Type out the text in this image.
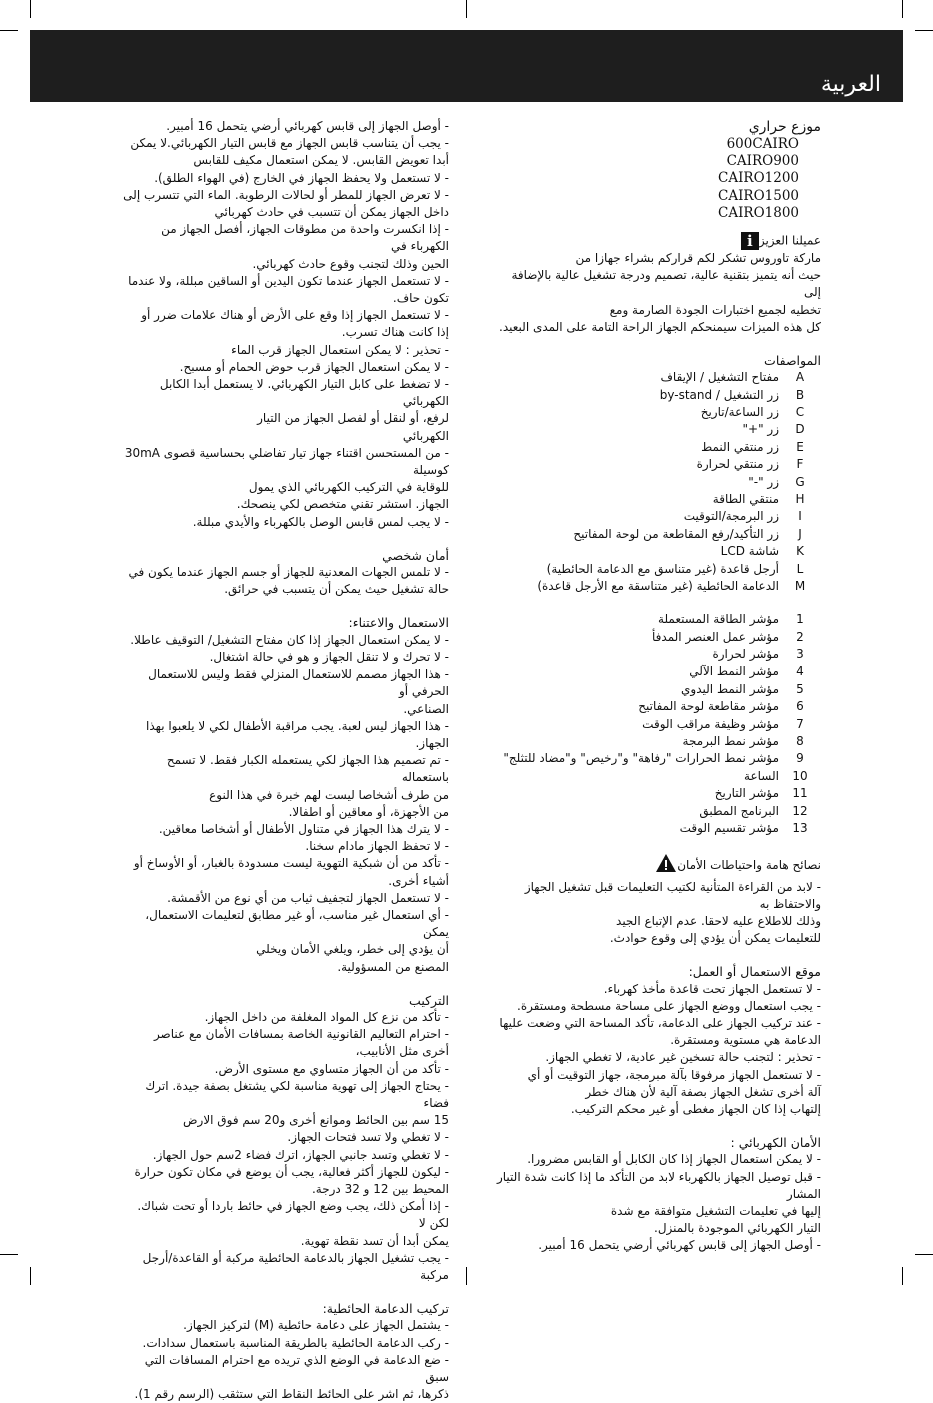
العربية
موزع حراري
600CAIRO
CAIRO900
CAIRO1200
CAIRO1500
CAIRO1800
عميلنا العزيزi
ماركة تاوروس تشكر لكم قراركم بشراء جهازا من
حيث أنه يتميز بتقنية عالية، تصميم ودرجة تشغيل عالية بالإضافة إلى
تخطيه لجميع اختبارات الجودة الصارمة ومع
كل هذه الميزات سيمنحكم الجهاز الراحة التامة على المدى البعيد.
المواصفات
A
مفتاح التشغيل / الإيقاف
B
زر التشغيل / by-stand
C
زر الساعة/تاريخ
D
زر "+"
E
زر منتقي النمط
F
زر منتقي لحرارة
G
زر "-"
H
منتقي الطاقة
I
زر البرمجة/التوقيت
J
زر التأكيد/رفع المقاطعة من لوحة المفاتيح
K
شاشة LCD
L
أرجل قاعدة (غير متناسق مع الدعامة الحائطية)
M
الدعامة الحائطية (غير متناسقة مع الأرجل قاعدة)
1
مؤشر الطاقة المستعملة
2
مؤشر عمل العنصر المدفأ
3
مؤشر لحرارة
4
مؤشر النمط الآلي
5
مؤشر النمط اليدوي
6
مؤشر مقاطعة لوحة المفاتيح
7
مؤشر وظيفة مراقب الوقت
8
مؤشر نمط البرمجة
9
مؤشر نمط الحرارات "رفاهة" و"رخيص" و"مضاد للتثلج"
10
الساعة
11
مؤشر التاريخ
12
البرنامج المطبق
13
مؤشر تقسيم الوقت
نصائح هامة واحتياطات الأمان
- لابد من القراءة المتأنية لكتيب التعليمات قبل تشغيل الجهاز والاحتفاظ به
وذلك للاطلاع عليه لاحقا. عدم الإتباع الجيد
للتعليمات يمكن أن يؤدي إلى وقوع حوادث.
موقع الاستعمال أو العمل:
- لا تستعمل الجهاز تحت قاعدة مأخذ كهرباء.
- يجب استعمال ووضع الجهاز على مساحة مسطحة ومستقرة.
- عند تركيب الجهاز على الدعامة، تأكد المساحة التي وضعت عليها
الدعامة هي مستوية ومستقرة.
- تحذير : لتجنب حالة تسخين غير عادية، لا تغطي الجهاز.
- لا تستعمل الجهاز مرفوقا بآلة مبرمجة، جهاز التوقيت أو أي
آلة أخرى تشغل الجهاز بصفة آلية لأن هناك خطر
إلتهاب إذا كان الجهاز مغطى أو غير محكم التركيب.
الأمان الكهربائي :
- لا يمكن استعمال الجهاز إذا كان الكابل أو القابس مضرورا.
- قبل توصيل الجهاز بالكهرباء لابد من التأكد ما إذا كانت شدة التيار المشار
إليها في تعليمات التشغيل متوافقة مع شدة
التيار الكهربائي الموجودة بالمنزل.
- أوصل الجهاز إلى قابس كهربائي أرضي يتحمل 16 أمبير.
- أوصل الجهاز إلى قابس كهربائي أرضي يتحمل 16 أمبير.
- يجب أن يتناسب قابس الجهاز مع قابس التيار الكهربائي.لا يمكن
أبدا تعويض القابس. لا يمكن استعمال مكيف للقابس
- لا تستعمل ولا يحفظ الجهاز في الخارج (في الهواء الطلق).
- لا تعرض الجهاز للمطر أو لحالات الرطوبة. الماء التي تتسرب إلى
داخل الجهاز يمكن أن تتسبب في حادث كهربائي
- إذا انكسرت واحدة من مطوقات الجهاز، أفصل الجهاز من الكهرباء في
الحين وذلك لتجنب وقوع حادث كهربائي.
- لا تستعمل الجهاز عندما تكون اليدين أو الساقين مبللة، ولا عندما تكون حاف.
- لا تستعمل الجهاز إذا وقع على الأرض أو هناك علامات ضرر أو
إذا كانت هناك تسرب.
- تحذير : لا يمكن استعمال الجهاز قرب الماء
- لا يمكن استعمال الجهاز قرب حوض الحمام أو مسبح.
- لا تضغط على كابل التيار الكهربائي. لا يستعمل أبدا الكابل الكهربائي
لرفع، أو لنقل أو لفصل الجهاز من التيار
الكهربائي
- من المستحسن اقتناء جهاز تيار تفاضلي بحساسية قصوى 30mA كوسيلة
للوقاية في التركيب الكهربائي الذي يمول
الجهاز. استشر تقني متخصص لكي ينصحك.
- لا يجب لمس قابس الوصل بالكهرباء والأيدي مبللة.
أمان شخصي
- لا تلمس الجهات المعدنية للجهاز أو جسم الجهاز عندما يكون في
حالة تشغيل حيث يمكن أن يتسبب في حرائق.
الاستعمال والاعتناء:
- لا يمكن استعمال الجهاز إذا كان مفتاح التشغيل/ التوقيف عاطلا.
- لا تحرك و لا تنقل الجهاز و هو في حالة اشتغال.
- هذا الجهاز مصمم للاستعمال المنزلي فقط وليس للاستعمال الحرفي أو
الصناعي.
- هذا الجهاز ليس لعبة. يجب مراقبة الأطفال لكي لا يلعبوا بهذا الجهاز.
- تم تصميم هذا الجهاز لكي يستعمله الكبار فقط. لا تسمح باستعماله
من طرف أشخاصا ليست لهم خبرة في هذا النوع
من الأجهزة، أو معاقين أو اطفالا.
- لا يترك هذا الجهاز في متناول الأطفال أو أشخاصا معاقين.
- لا تحفظ الجهاز مادام سخنا.
- تأكد من أن شبكية التهوية ليست مسدودة بالغبار، أو الأوساخ أو
أشياء أخرى.
- لا تستعمل الجهاز لتجفيف ثياب من أي نوع من الأقمشة.
- أي استعمال غير مناسب، أو غير مطابق لتعليمات الاستعمال، يمكن
أن يؤدي إلى خطر، ويلغي الأمان ويخلي
المصنع من المسؤولية.
التركيب
- تأكد من نزع كل المواد المغلفة من داخل الجهاز.
- احترام التعاليم القانونية الخاصة بمسافات الأمان مع عناصر
أخرى مثل الأنابيب،
- تأكد من أن الجهاز متساوي مع مستوى الأرض.
- يحتاج الجهاز إلى تهوية مناسبة لكي يشتغل بصفة جيدة. اترك فضاء
15 سم بين الحائط وموانع أخرى و20 سم فوق الارض
- لا تغطي ولا تسد فتحات الجهاز.
- لا تغطي وتسد جانبي الجهاز، اترك فضاء 2سم حول الجهاز.
- ليكون للجهاز أكثر فعالية، يجب أن يوضع في مكان تكون حرارة
المحيط بين 12 و 32 درجة.
- إذا أمكن ذلك، يجب وضع الجهاز في حائط باردا أو تحت شباك. لكن لا
يمكن أبدا أن تسد نقطة تهوية.
- يجب تشغيل الجهاز بالدعامة الحائطية مركبة أو القاعدة/أرجل مركبة
تركيب الدعامة الحائطية:
- يشتمل الجهاز على دعامة حائطية (M) لتركيز الجهاز.
- ركب الدعامة الحائطية بالطريقة المناسبة باستعمال سدادات.
- ضع الدعامة في الوضع الذي تريده مع احترام المسافات التي سبق
ذكرها، ثم اشر على الحائط النقاط التي ستثقب (الرسم رقم 1).
